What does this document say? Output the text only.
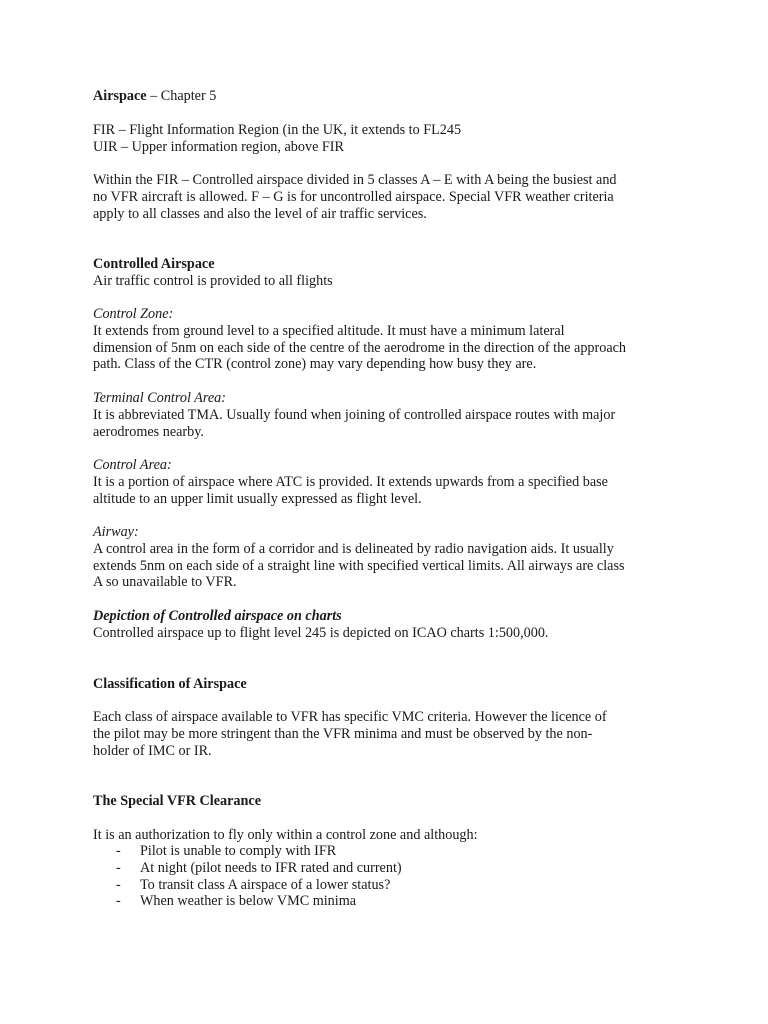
Airspace – Chapter 5

FIR – Flight Information Region (in the UK, it extends to FL245
UIR – Upper information region, above FIR
Within the FIR – Controlled airspace divided in 5 classes A – E with A being the busiest and
no VFR aircraft is allowed. F – G is for uncontrolled airspace. Special VFR weather criteria
apply to all classes and also the level of air traffic services.
Controlled Airspace
Air traffic control is provided to all flights
Control Zone:
It extends from ground level to a specified altitude. It must have a minimum lateral
dimension of 5nm on each side of the centre of the aerodrome in the direction of the approach
path. Class of the CTR (control zone) may vary depending how busy they are.
Terminal Control Area:
It is abbreviated TMA. Usually found when joining of controlled airspace routes with major
aerodromes nearby.
Control Area:
It is a portion of airspace where ATC is provided. It extends upwards from a specified base
altitude to an upper limit usually expressed as flight level.
Airway:
A control area in the form of a corridor and is delineated by radio navigation aids. It usually
extends 5nm on each side of a straight line with specified vertical limits. All airways are class
A so unavailable to VFR.
Depiction of Controlled airspace on charts
Controlled airspace up to flight level 245 is depicted on ICAO charts 1:500,000.
Classification of Airspace
Each class of airspace available to VFR has specific VMC criteria. However the licence of
the pilot may be more stringent than the VFR minima and must be observed by the non-
holder of IMC or IR.
The Special VFR Clearance
It is an authorization to fly only within a control zone and although:
- Pilot is unable to comply with IFR
- At night (pilot needs to IFR rated and current)
- To transit class A airspace of a lower status?
- When weather is below VMC minima
